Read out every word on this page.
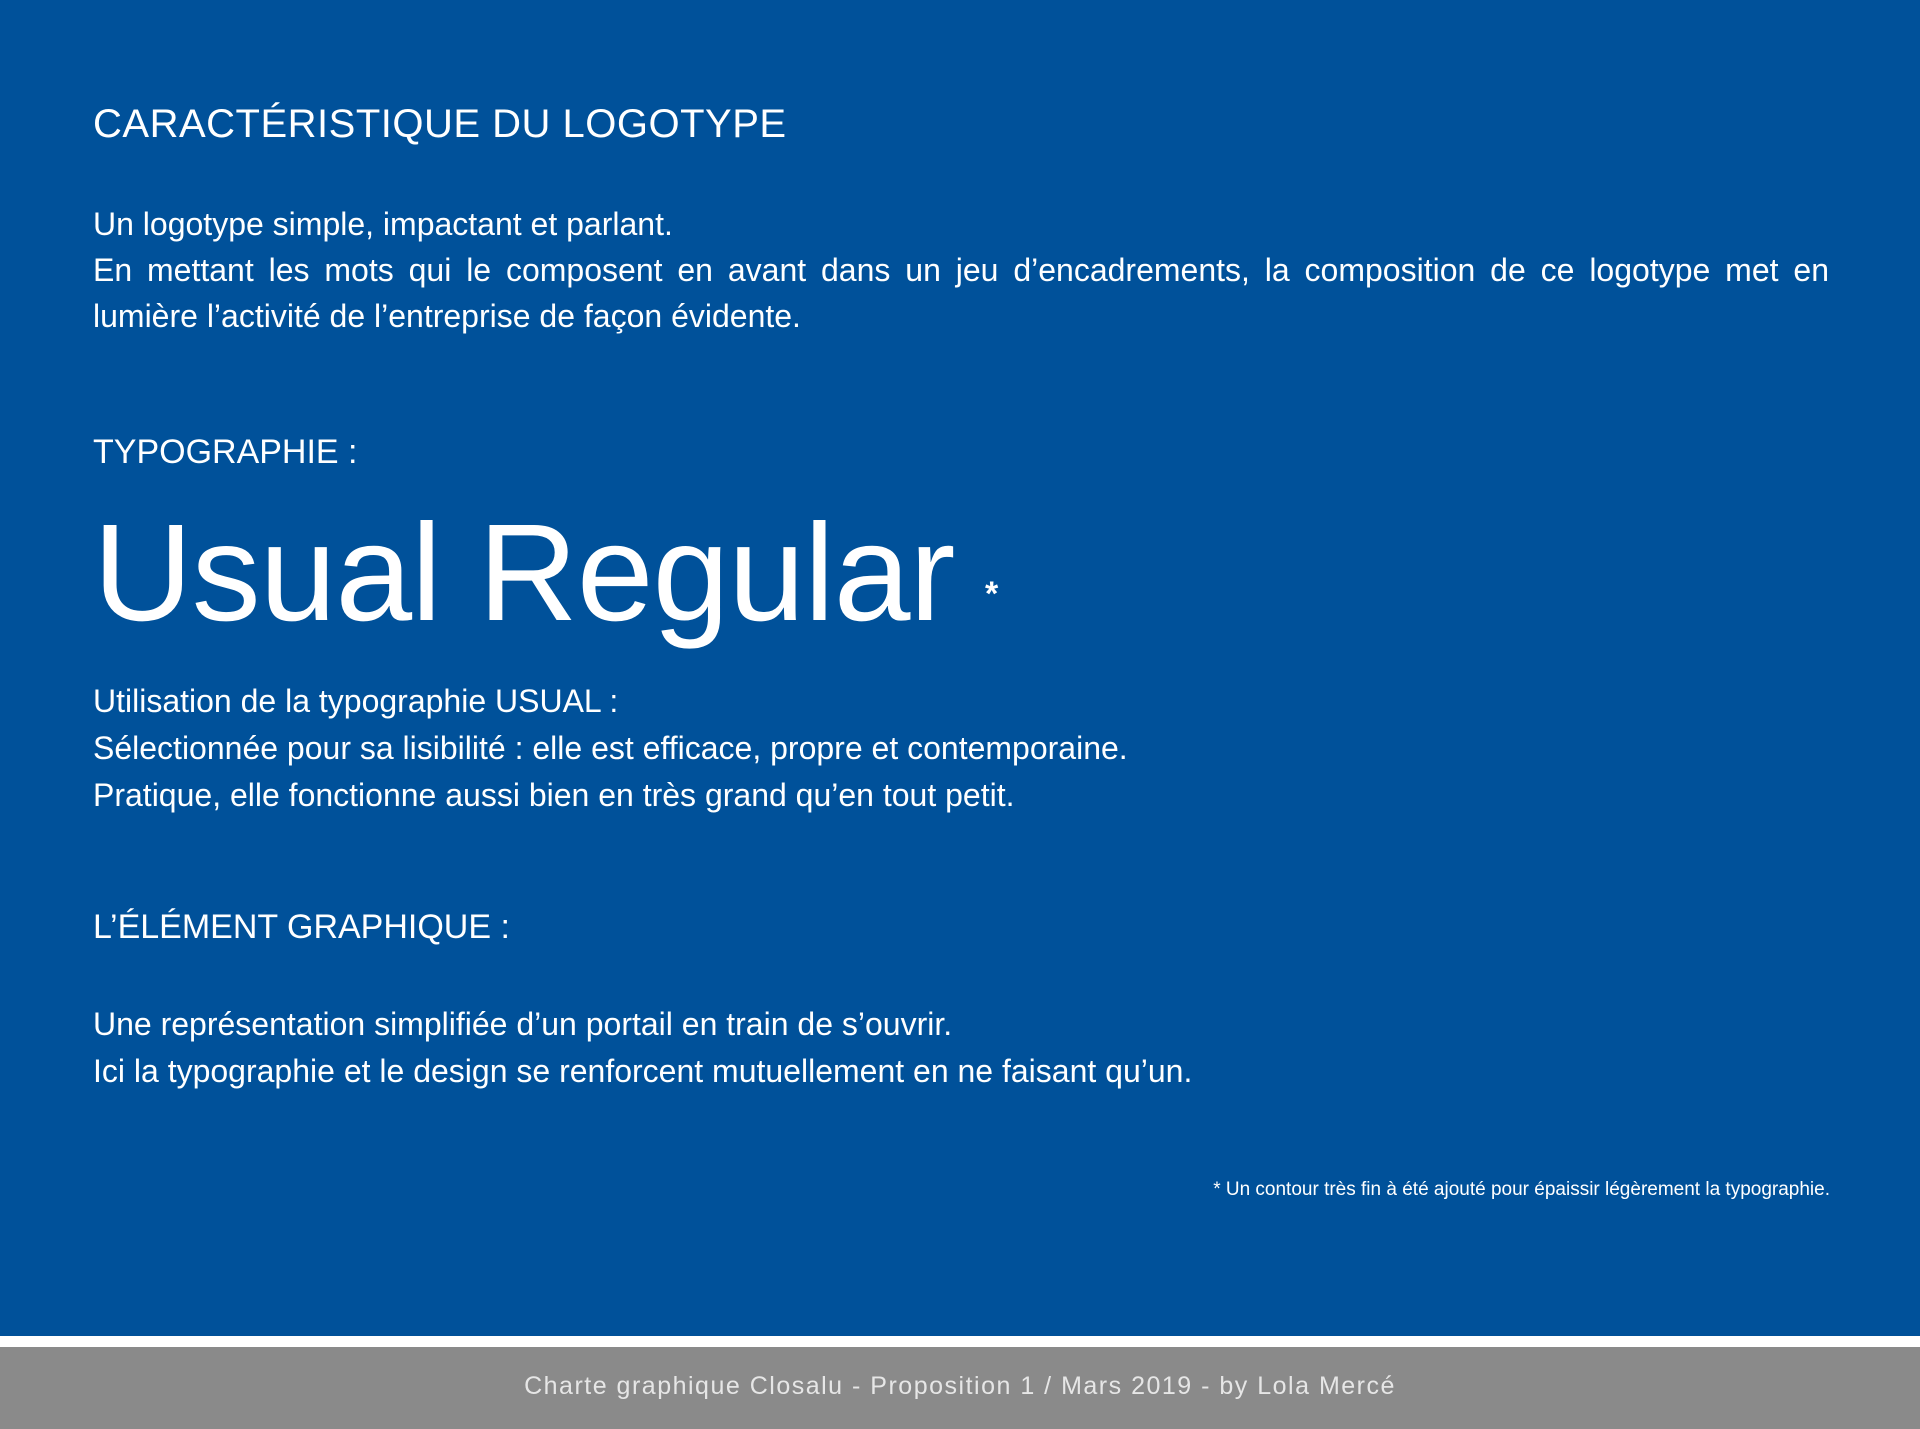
CARACTÉRISTIQUE DU LOGOTYPE
Un logotype simple, impactant et parlant.
En mettant les mots qui le composent en avant dans un jeu d’encadrements, la composition de ce logotype met en
lumière l’activité de l’entreprise de façon évidente.
TYPOGRAPHIE :
Usual Regular *
Utilisation de la typographie USUAL :
Sélectionnée pour sa lisibilité : elle est efficace, propre et contemporaine.
Pratique, elle fonctionne aussi bien en très grand qu’en tout petit.
L’ÉLÉMENT GRAPHIQUE :
Une représentation simplifiée d’un portail en train de s’ouvrir.
Ici la typographie et le design se renforcent mutuellement en ne faisant qu’un.
* Un contour très fin à été ajouté pour épaissir légèrement la typographie.
Charte graphique Closalu - Proposition 1 / Mars 2019 - by Lola Mercé
